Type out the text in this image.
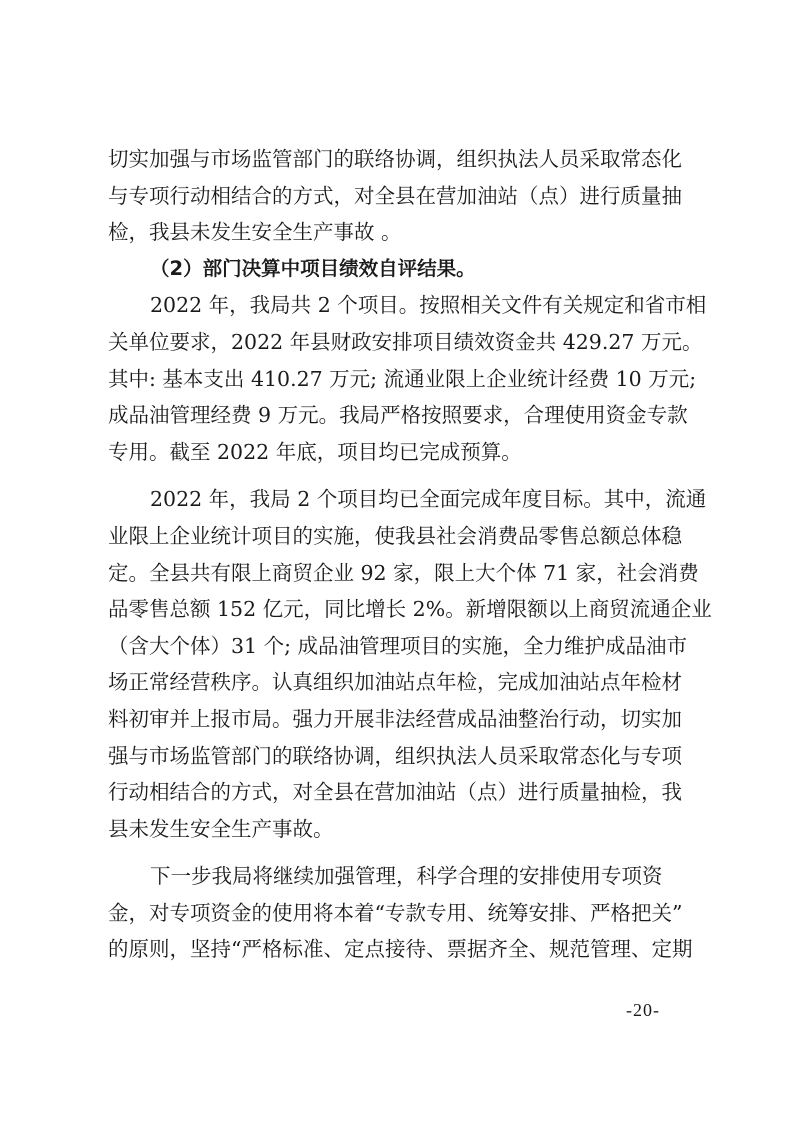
切实加强与市场监管部门的联络协调，组织执法人员采取常态化
与专项行动相结合的方式，对全县在营加油站（点）进行质量抽
检，我县未发生安全生产事故 。
（2）部门决算中项目绩效自评结果。
2022 年，我局共 2 个项目。按照相关文件有关规定和省市相
关单位要求，2022 年县财政安排项目绩效资金共 429.27 万元。
其中: 基本支出 410.27 万元; 流通业限上企业统计经费 10 万元;
成品油管理经费 9 万元。我局严格按照要求，合理使用资金专款
专用。截至 2022 年底，项目均已完成预算。
2022 年，我局 2 个项目均已全面完成年度目标。其中，流通
业限上企业统计项目的实施，使我县社会消费品零售总额总体稳
定。全县共有限上商贸企业 92 家，限上大个体 71 家，社会消费
品零售总额 152 亿元，同比增长 2%。新增限额以上商贸流通企业
（含大个体）31 个; 成品油管理项目的实施，全力维护成品油市
场正常经营秩序。认真组织加油站点年检，完成加油站点年检材
料初审并上报市局。强力开展非法经营成品油整治行动，切实加
强与市场监管部门的联络协调，组织执法人员采取常态化与专项
行动相结合的方式，对全县在营加油站（点）进行质量抽检，我
县未发生安全生产事故。
下一步我局将继续加强管理，科学合理的安排使用专项资
金，对专项资金的使用将本着“专款专用、统筹安排、严格把关”
的原则，坚持“严格标准、定点接待、票据齐全、规范管理、定期
-20-
